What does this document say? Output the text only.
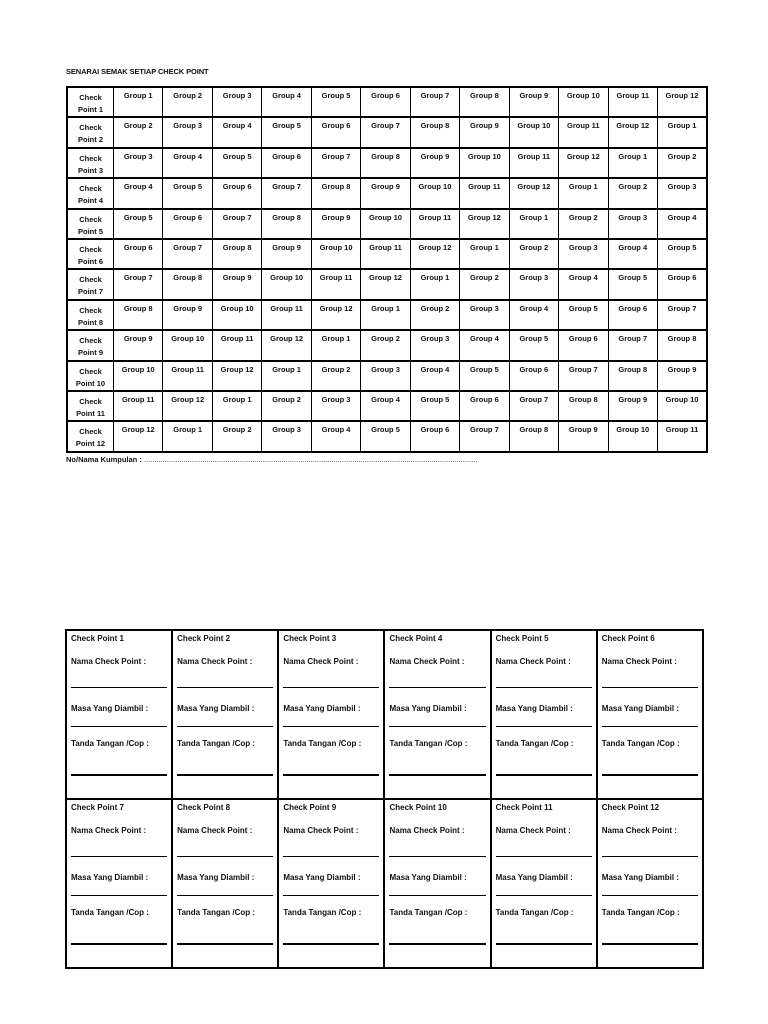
SENARAI SEMAK SETIAP CHECK POINT
Check
Point 1	Group 1	Group 2	Group 3	Group 4	Group 5	Group 6	Group 7	Group 8	Group 9	Group 10	Group 11	Group 12
Check
Point 2	Group 2	Group 3	Group 4	Group 5	Group 6	Group 7	Group 8	Group 9	Group 10	Group 11	Group 12	Group 1
Check
Point 3	Group 3	Group 4	Group 5	Group 6	Group 7	Group 8	Group 9	Group 10	Group 11	Group 12	Group 1	Group 2
Check
Point 4	Group 4	Group 5	Group 6	Group 7	Group 8	Group 9	Group 10	Group 11	Group 12	Group 1	Group 2	Group 3
Check
Point 5	Group 5	Group 6	Group 7	Group 8	Group 9	Group 10	Group 11	Group 12	Group 1	Group 2	Group 3	Group 4
Check
Point 6	Group 6	Group 7	Group 8	Group 9	Group 10	Group 11	Group 12	Group 1	Group 2	Group 3	Group 4	Group 5
Check
Point 7	Group 7	Group 8	Group 9	Group 10	Group 11	Group 12	Group 1	Group 2	Group 3	Group 4	Group 5	Group 6
Check
Point 8	Group 8	Group 9	Group 10	Group 11	Group 12	Group 1	Group 2	Group 3	Group 4	Group 5	Group 6	Group 7
Check
Point 9	Group 9	Group 10	Group 11	Group 12	Group 1	Group 2	Group 3	Group 4	Group 5	Group 6	Group 7	Group 8
Check
Point 10	Group 10	Group 11	Group 12	Group 1	Group 2	Group 3	Group 4	Group 5	Group 6	Group 7	Group 8	Group 9
Check
Point 11	Group 11	Group 12	Group 1	Group 2	Group 3	Group 4	Group 5	Group 6	Group 7	Group 8	Group 9	Group 10
Check
Point 12	Group 12	Group 1	Group 2	Group 3	Group 4	Group 5	Group 6	Group 7	Group 8	Group 9	Group 10	Group 11
No/Nama Kumpulan : ................................................................................................................................................................
Check Point 1
Nama Check Point :
Masa Yang Diambil :
Tanda Tangan /Cop :	Check Point 2
Nama Check Point :
Masa Yang Diambil :
Tanda Tangan /Cop :	Check Point 3
Nama Check Point :
Masa Yang Diambil :
Tanda Tangan /Cop :	Check Point 4
Nama Check Point :
Masa Yang Diambil :
Tanda Tangan /Cop :	Check Point 5
Nama Check Point :
Masa Yang Diambil :
Tanda Tangan /Cop :	Check Point 6
Nama Check Point :
Masa Yang Diambil :
Tanda Tangan /Cop :

Check Point 7
Nama Check Point :
Masa Yang Diambil :
Tanda Tangan /Cop :	Check Point 8
Nama Check Point :
Masa Yang Diambil :
Tanda Tangan /Cop :	Check Point 9
Nama Check Point :
Masa Yang Diambil :
Tanda Tangan /Cop :	Check Point 10
Nama Check Point :
Masa Yang Diambil :
Tanda Tangan /Cop :	Check Point 11
Nama Check Point :
Masa Yang Diambil :
Tanda Tangan /Cop :	Check Point 12
Nama Check Point :
Masa Yang Diambil :
Tanda Tangan /Cop :
